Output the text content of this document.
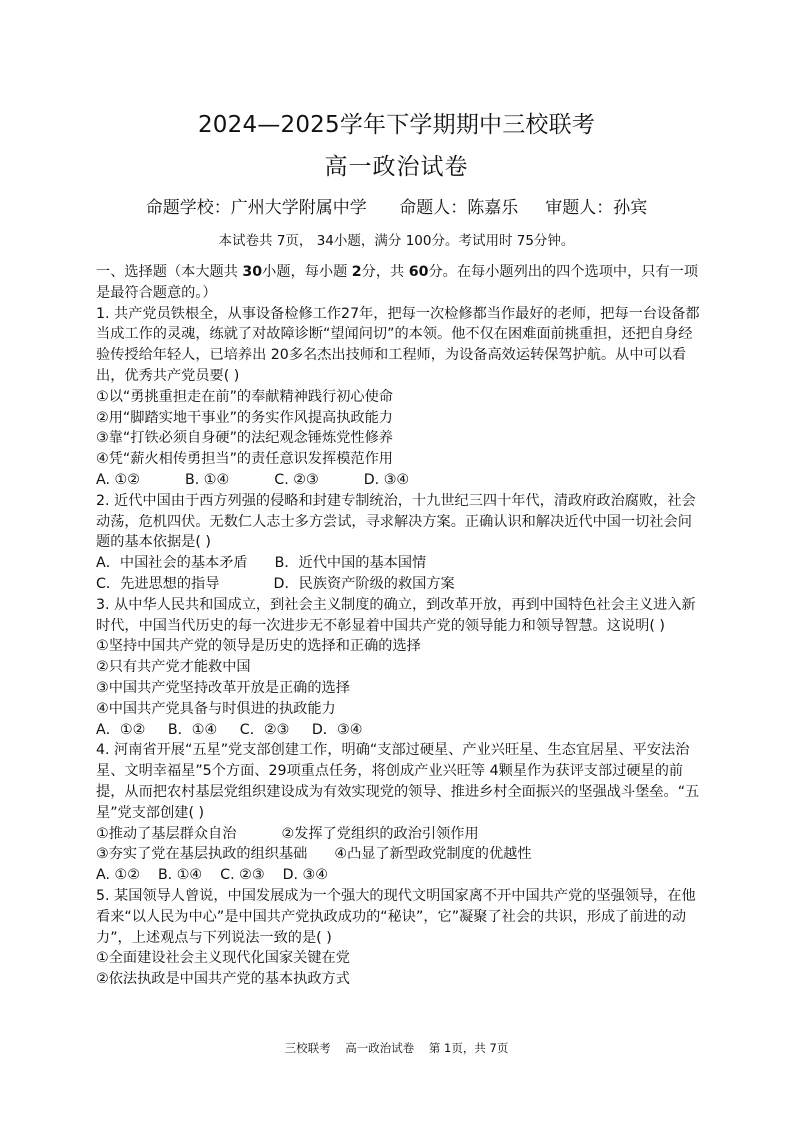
2024—2025学年下学期期中三校联考
高一政治试卷
命题学校：广州大学附属中学      命题人：陈嘉乐     审题人：孙宾
本试卷共 7页， 34小题，满分 100分。考试用时 75分钟。

一、选择题（本大题共 30小题，每小题 2分，共 60分。在每小题列出的四个选项中，只有一项是最符合题意的。）

1. 共产党员铁根全，从事设备检修工作27年，把每一次检修都当作最好的老师，把每一台设备都当成工作的灵魂，练就了对故障诊断“望闻问切”的本领。他不仅在困难面前挑重担，还把自身经验传授给年轻人，已培养出 20多名杰出技师和工程师，为设备高效运转保驾护航。从中可以看出，优秀共产党员要( )

①以“勇挑重担走在前”的奉献精神践行初心使命

②用“脚踏实地干事业”的务实作风提高执政能力

③靠“打铁必须自身硬”的法纪观念锤炼党性修养

④凭“薪火相传勇担当”的责任意识发挥模范作用

A. ①②          B. ①④          C. ②③          D. ③④

2. 近代中国由于西方列强的侵略和封建专制统治，十九世纪三四十年代，清政府政治腐败，社会动荡，危机四伏。无数仁人志士多方尝试，寻求解决方案。正确认识和解决近代中国一切社会问题的基本依据是( )

A．中国社会的基本矛盾      B．近代中国的基本国情

C．先进思想的指导            D．民族资产阶级的救国方案

3. 从中华人民共和国成立，到社会主义制度的确立，到改革开放，再到中国特色社会主义进入新时代，中国当代历史的每一次进步无不彰显着中国共产党的领导能力和领导智慧。这说明( )

①坚持中国共产党的领导是历史的选择和正确的选择

②只有共产党才能救中国

③中国共产党坚持改革开放是正确的选择

④中国共产党具备与时俱进的执政能力

A．①②     B．①④     C．②③     D．③④

4. 河南省开展“五星”党支部创建工作，明确“支部过硬星、产业兴旺星、生态宜居星、平安法治星、文明幸福星”5个方面、29项重点任务，将创成产业兴旺等 4颗星作为获评支部过硬星的前提，从而把农村基层党组织建设成为有效实现党的领导、推进乡村全面振兴的坚强战斗堡垒。“五星”党支部创建( )

①推动了基层群众自治          ②发挥了党组织的政治引领作用

③夯实了党在基层执政的组织基础      ④凸显了新型政党制度的优越性

A. ①②    B. ①④    C. ②③    D. ③④

5. 某国领导人曾说，中国发展成为一个强大的现代文明国家离不开中国共产党的坚强领导，在他看来“以人民为中心”是中国共产党执政成功的“秘诀”，它”凝聚了社会的共识，形成了前进的动力”，上述观点与下列说法一致的是( )

①全面建设社会主义现代化国家关键在党

②依法执政是中国共产党的基本执政方式

三校联考    高一政治试卷    第 1页，共 7页
